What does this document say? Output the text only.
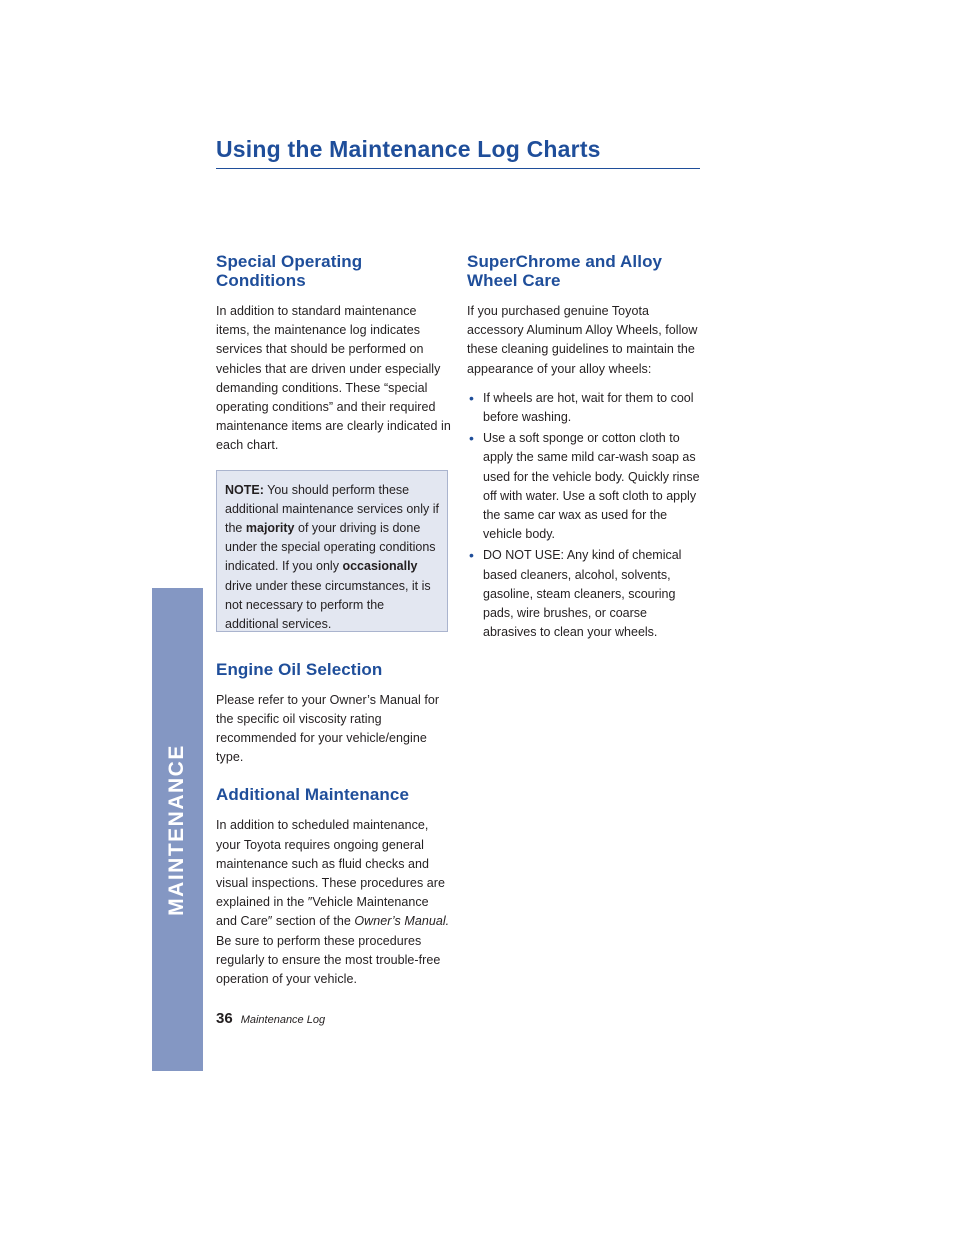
MAINTENANCE
Using the Maintenance Log Charts
Special Operating Conditions

In addition to standard maintenance items, the maintenance log indicates services that should be performed on vehicles that are driven under especially demanding conditions. These “special operating conditions” and their required maintenance items are clearly indicated in each chart.

NOTE: You should perform these additional maintenance services only if the majority of your driving is done under the special operating conditions indicated. If you only occasionally drive under these circumstances, it is not necessary to perform the additional services.

Engine Oil Selection

Please refer to your Owner’s Manual for the specific oil viscosity rating recommended for your vehicle/engine type.

Additional Maintenance

In addition to scheduled maintenance, your Toyota requires ongoing general maintenance such as fluid checks and visual inspections. These procedures are explained in the ″Vehicle Maintenance and Care″ section of the Owner’s Manual. Be sure to perform these procedures regularly to ensure the most trouble-free operation of your vehicle.

SuperChrome and Alloy Wheel Care

If you purchased genuine Toyota accessory Aluminum Alloy Wheels, follow these cleaning guidelines to maintain the appearance of your alloy wheels:

• If wheels are hot, wait for them to cool before washing.
• Use a soft sponge or cotton cloth to apply the same mild car-wash soap as used for the vehicle body. Quickly rinse off with water. Use a soft cloth to apply the same car wax as used for the vehicle body.
• DO NOT USE: Any kind of chemical based cleaners, alcohol, solvents, gasoline, steam cleaners, scouring pads, wire brushes, or coarse abrasives to clean your wheels.
36 Maintenance Log
